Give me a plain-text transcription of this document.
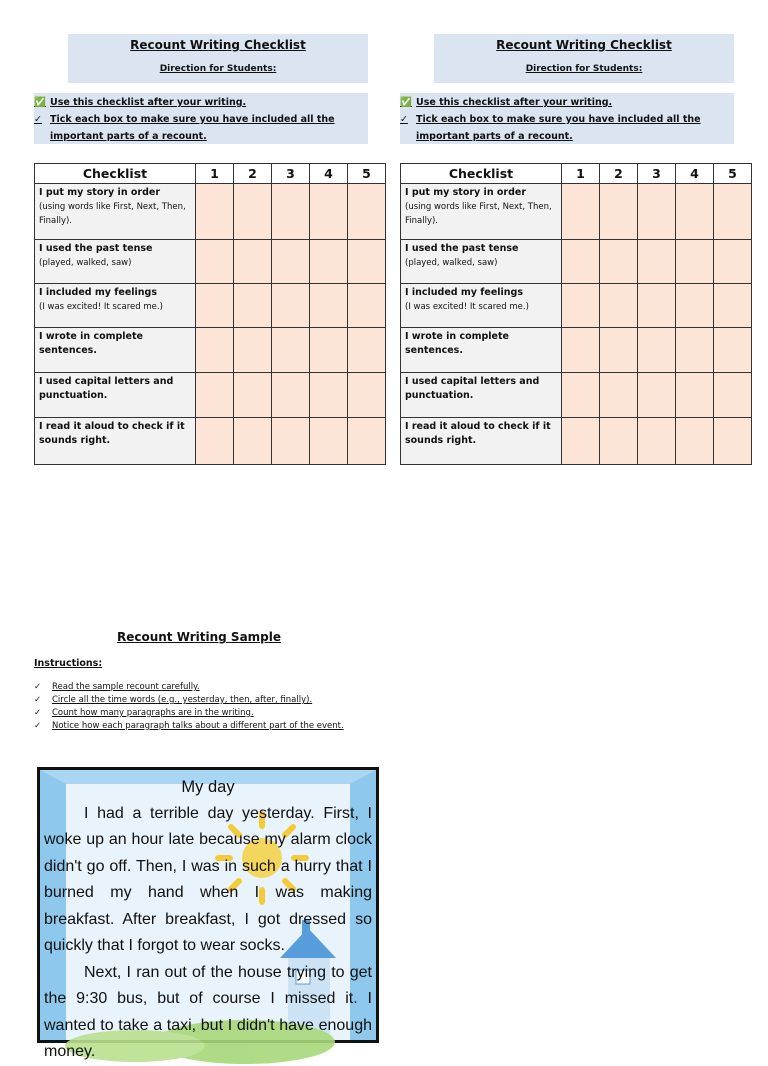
Recount Writing Checklist
Direction for Students:
✅ Use this checklist after your writing.
✓ Tick each box to make sure you have included all the
important parts of a recount.
Checklist	1	2	3	4	5
I put my story in order
(using words like First, Next, Then, Finally).					
I used the past tense
(played, walked, saw)					
I included my feelings
(I was excited! It scared me.)					
I wrote in complete sentences.					
I used capital letters and punctuation.					
I read it aloud to check if it sounds right.					
Recount Writing Checklist
Direction for Students:
✅ Use this checklist after your writing.
✓ Tick each box to make sure you have included all the
important parts of a recount.
Checklist	1	2	3	4	5
I put my story in order
(using words like First, Next, Then, Finally).					
I used the past tense
(played, walked, saw)					
I included my feelings
(I was excited! It scared me.)					
I wrote in complete sentences.					
I used capital letters and punctuation.					
I read it aloud to check if it sounds right.					
Recount Writing Sample
Instructions:
✓	Read the sample recount carefully.
✓	Circle all the time words (e.g., yesterday, then, after, finally).
✓	Count how many paragraphs are in the writing.
✓	Notice how each paragraph talks about a different part of the event.
My day
I had a terrible day yesterday. First, I woke up an hour late because my alarm clock didn't go off. Then, I was in such a hurry that I burned my hand when I was making breakfast. After breakfast, I got dressed so quickly that I forgot to wear socks.
Next, I ran out of the house trying to get the 9:30 bus, but of course I missed it. I wanted to take a taxi, but I didn't have enough money.
